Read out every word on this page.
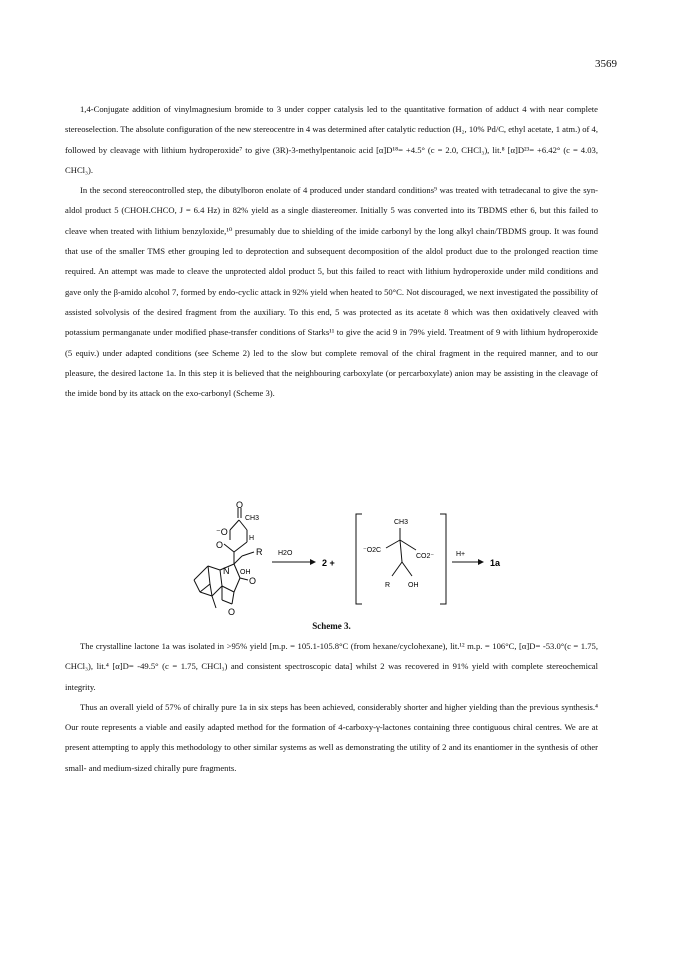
3569

1,4-Conjugate addition of vinylmagnesium bromide to 3 under copper catalysis led to the quantitative formation of adduct 4 with near complete stereoselection. The absolute configuration of the new stereocentre in 4 was determined after catalytic reduction (H₂, 10% Pd/C, ethyl acetate, 1 atm.) of 4, followed by cleavage with lithium hydroperoxide⁷ to give (3R)-3-methylpentanoic acid [α]D¹⁸= +4.5° (c = 2.0, CHCl₃), lit.⁸ [α]D²³= +6.42° (c = 4.03, CHCl₃).

In the second stereocontrolled step, the dibutylboron enolate of 4 produced under standard conditions⁹ was treated with tetradecanal to give the syn-aldol product 5 (CHOH.CHCO, J = 6.4 Hz) in 82% yield as a single diastereomer. Initially 5 was converted into its TBDMS ether 6, but this failed to cleave when treated with lithium benzyloxide,¹⁰ presumably due to shielding of the imide carbonyl by the long alkyl chain/TBDMS group. It was found that use of the smaller TMS ether grouping led to deprotection and subsequent decomposition of the aldol product due to the prolonged reaction time required. An attempt was made to cleave the unprotected aldol product 5, but this failed to react with lithium hydroperoxide under mild conditions and gave only the β-amido alcohol 7, formed by endo-cyclic attack in 92% yield when heated to 50°C. Not discouraged, we next investigated the possibility of assisted solvolysis of the desired fragment from the auxiliary. To this end, 5 was protected as its acetate 8 which was then oxidatively cleaved with potassium permanganate under modified phase-transfer conditions of Starks¹¹ to give the acid 9 in 79% yield. Treatment of 9 with lithium hydroperoxide (5 equiv.) under adapted conditions (see Scheme 2) led to the slow but complete removal of the chiral fragment in the required manner, and to our pleasure, the desired lactone 1a. In this step it is believed that the neighbouring carboxylate (or percarboxylate) anion may be assisting in the cleavage of the imide bond by its attack on the exo-carbonyl (Scheme 3).

O
CH3
⁻O
H
O
R
N OH
O
O
H2O
2 +
CH3
⁻O2C
CO2⁻
R	OH
H+
1a
Scheme 3.

The crystalline lactone 1a was isolated in >95% yield [m.p. = 105.1-105.8°C (from hexane/cyclohexane), lit.¹² m.p. = 106°C, [α]D= -53.0°(c = 1.75, CHCl₃), lit.⁴ [α]D= -49.5° (c = 1.75, CHCl₃) and consistent spectroscopic data] whilst 2 was recovered in 91% yield with complete stereochemical integrity.

Thus an overall yield of 57% of chirally pure 1a in six steps has been achieved, considerably shorter and higher yielding than the previous synthesis.⁴ Our route represents a viable and easily adapted method for the formation of 4-carboxy-γ-lactones containing three contiguous chiral centres. We are at present attempting to apply this methodology to other similar systems as well as demonstrating the utility of 2 and its enantiomer in the synthesis of other small- and medium-sized chirally pure fragments.
